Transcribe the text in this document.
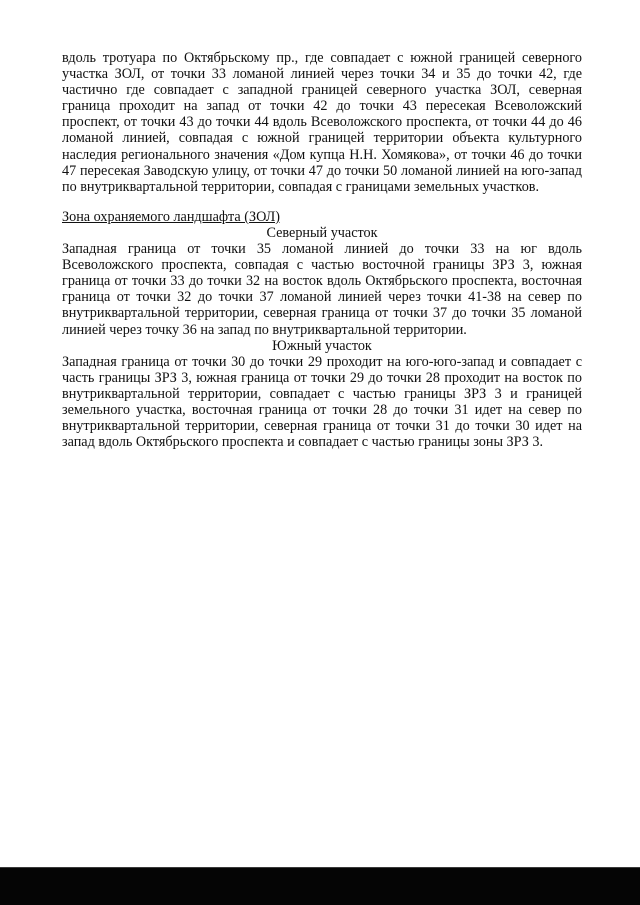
вдоль тротуара по Октябрьскому пр., где совпадает с южной границей северного участка ЗОЛ, от точки 33 ломаной линией через точки 34 и 35 до точки 42, где частично где совпадает с западной границей северного участка ЗОЛ, северная граница проходит на запад от точки 42 до точки 43 пересекая Всеволожский проспект, от точки 43 до точки 44 вдоль Всеволожского проспекта, от точки 44 до 46 ломаной линией, совпадая с южной границей территории объекта культурного наследия регионального значения «Дом купца Н.Н. Хомякова», от точки 46 до точки 47 пересекая Заводскую улицу, от точки 47 до точки 50 ломаной линией на юго-запад по внутриквартальной территории, совпадая с границами земельных участков.

Зона охраняемого ландшафта (ЗОЛ)

Северный участок

Западная граница от точки 35 ломаной линией до точки 33 на юг вдоль Всеволожского проспекта, совпадая с частью восточной границы ЗРЗ 3, южная граница от точки 33 до точки 32 на восток вдоль Октябрьского проспекта, восточная граница от точки 32 до точки 37 ломаной линией через точки 41-38 на север по внутриквартальной территории, северная граница от точки 37 до точки 35 ломаной линией через точку 36 на запад по внутриквартальной территории.

Южный участок

Западная граница от точки 30 до точки 29 проходит на юго-юго-запад и совпадает с часть границы ЗРЗ 3, южная граница от точки 29 до точки 28 проходит на восток по внутриквартальной территории, совпадает с частью границы ЗРЗ 3 и границей земельного участка, восточная граница от точки 28 до точки 31 идет на север по внутриквартальной территории, северная граница от точки 31 до точки 30 идет на запад вдоль Октябрьского проспекта и совпадает с частью границы зоны ЗРЗ 3.
